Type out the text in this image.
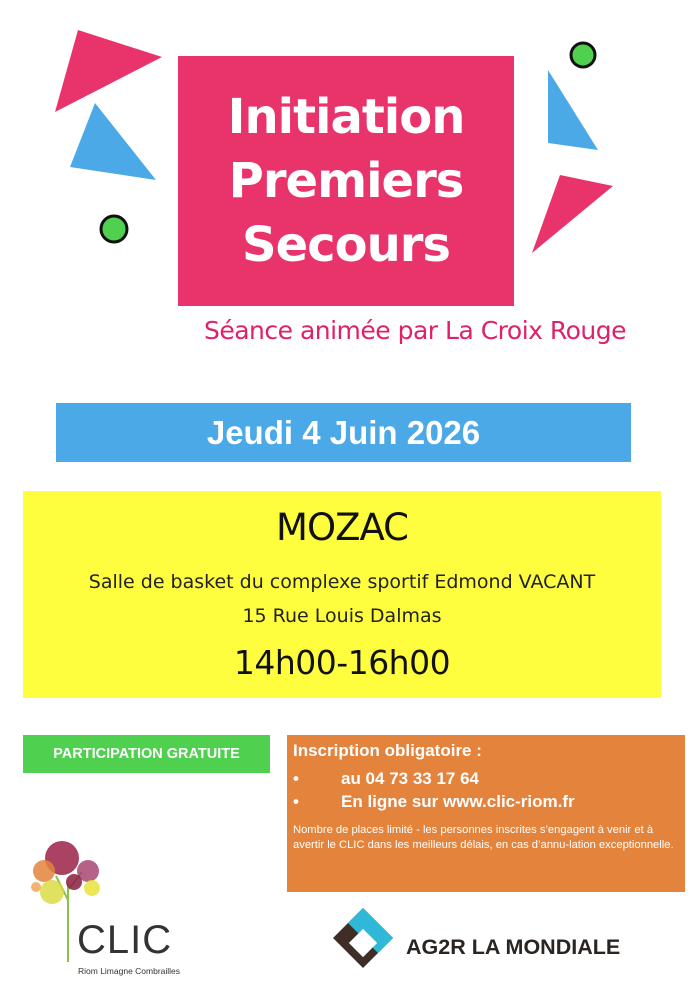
Initiation
Premiers
Secours
Séance animée par La Croix Rouge
Jeudi 4 Juin 2026
MOZAC
Salle de basket du complexe sportif Edmond VACANT
15 Rue Louis Dalmas
14h00-16h00
PARTICIPATION GRATUITE	Inscription obligatoire :
• au 04 73 33 17 64
• En ligne sur www.clic-riom.fr
Nombre de places limité - les personnes inscrites s’engagent à venir et à avertir le CLIC dans les meilleurs délais, en cas d’annu-lation exceptionnelle.
CLIC
Riom Limagne Combrailles
AG2R LA MONDIALE
